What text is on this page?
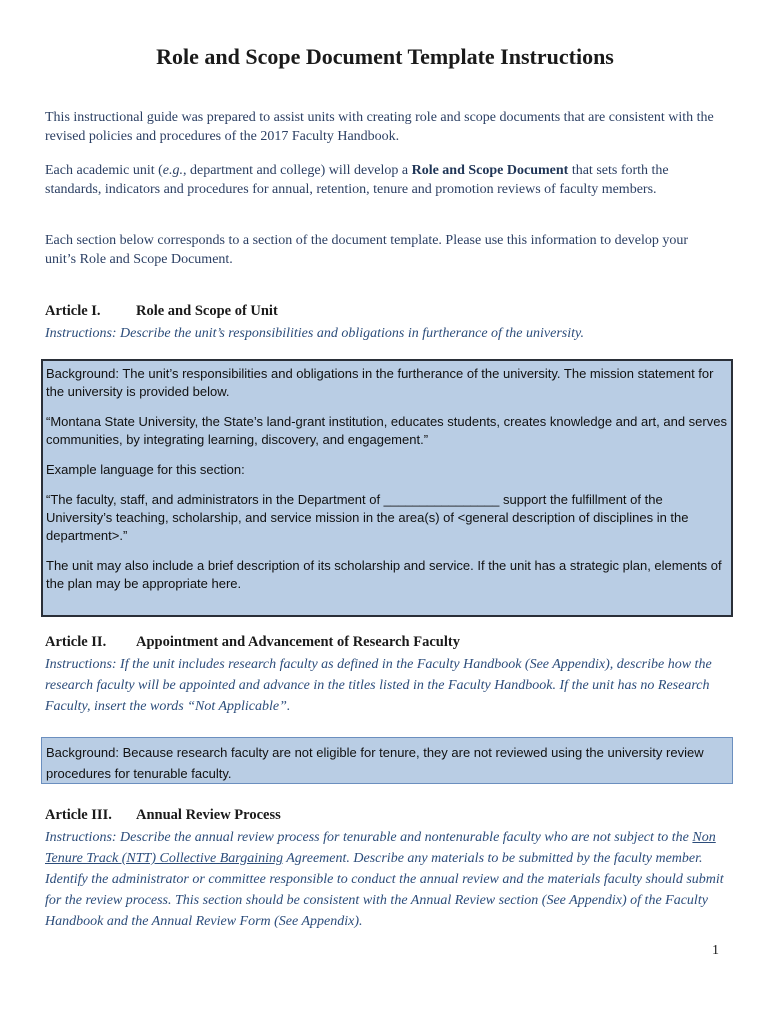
Role and Scope Document Template Instructions

This instructional guide was prepared to assist units with creating role and scope documents that are consistent with the revised policies and procedures of the 2017 Faculty Handbook.

Each academic unit (e.g., department and college) will develop a Role and Scope Document that sets forth the standards, indicators and procedures for annual, retention, tenure and promotion reviews of faculty members.

Each section below corresponds to a section of the document template. Please use this information to develop your unit’s Role and Scope Document.

Article I. Role and Scope of Unit

Instructions: Describe the unit’s responsibilities and obligations in furtherance of the university.

Background: The unit’s responsibilities and obligations in the furtherance of the university. The mission statement for the university is provided below.

“Montana State University, the State’s land-grant institution, educates students, creates knowledge and art, and serves communities, by integrating learning, discovery, and engagement.”

Example language for this section:

“The faculty, staff, and administrators in the Department of ________________ support the fulfillment of the University’s teaching, scholarship, and service mission in the area(s) of <general description of disciplines in the department>.”

The unit may also include a brief description of its scholarship and service. If the unit has a strategic plan, elements of the plan may be appropriate here.

Article II. Appointment and Advancement of Research Faculty

Instructions: If the unit includes research faculty as defined in the Faculty Handbook (See Appendix), describe how the research faculty will be appointed and advance in the titles listed in the Faculty Handbook. If the unit has no Research Faculty, insert the words “Not Applicable”.

Background: Because research faculty are not eligible for tenure, they are not reviewed using the university review procedures for tenurable faculty.

Article III. Annual Review Process

Instructions: Describe the annual review process for tenurable and nontenurable faculty who are not subject to the Non Tenure Track (NTT) Collective Bargaining Agreement. Describe any materials to be submitted by the faculty member. Identify the administrator or committee responsible to conduct the annual review and the materials faculty should submit for the review process. This section should be consistent with the Annual Review section (See Appendix) of the Faculty Handbook and the Annual Review Form (See Appendix).

1
